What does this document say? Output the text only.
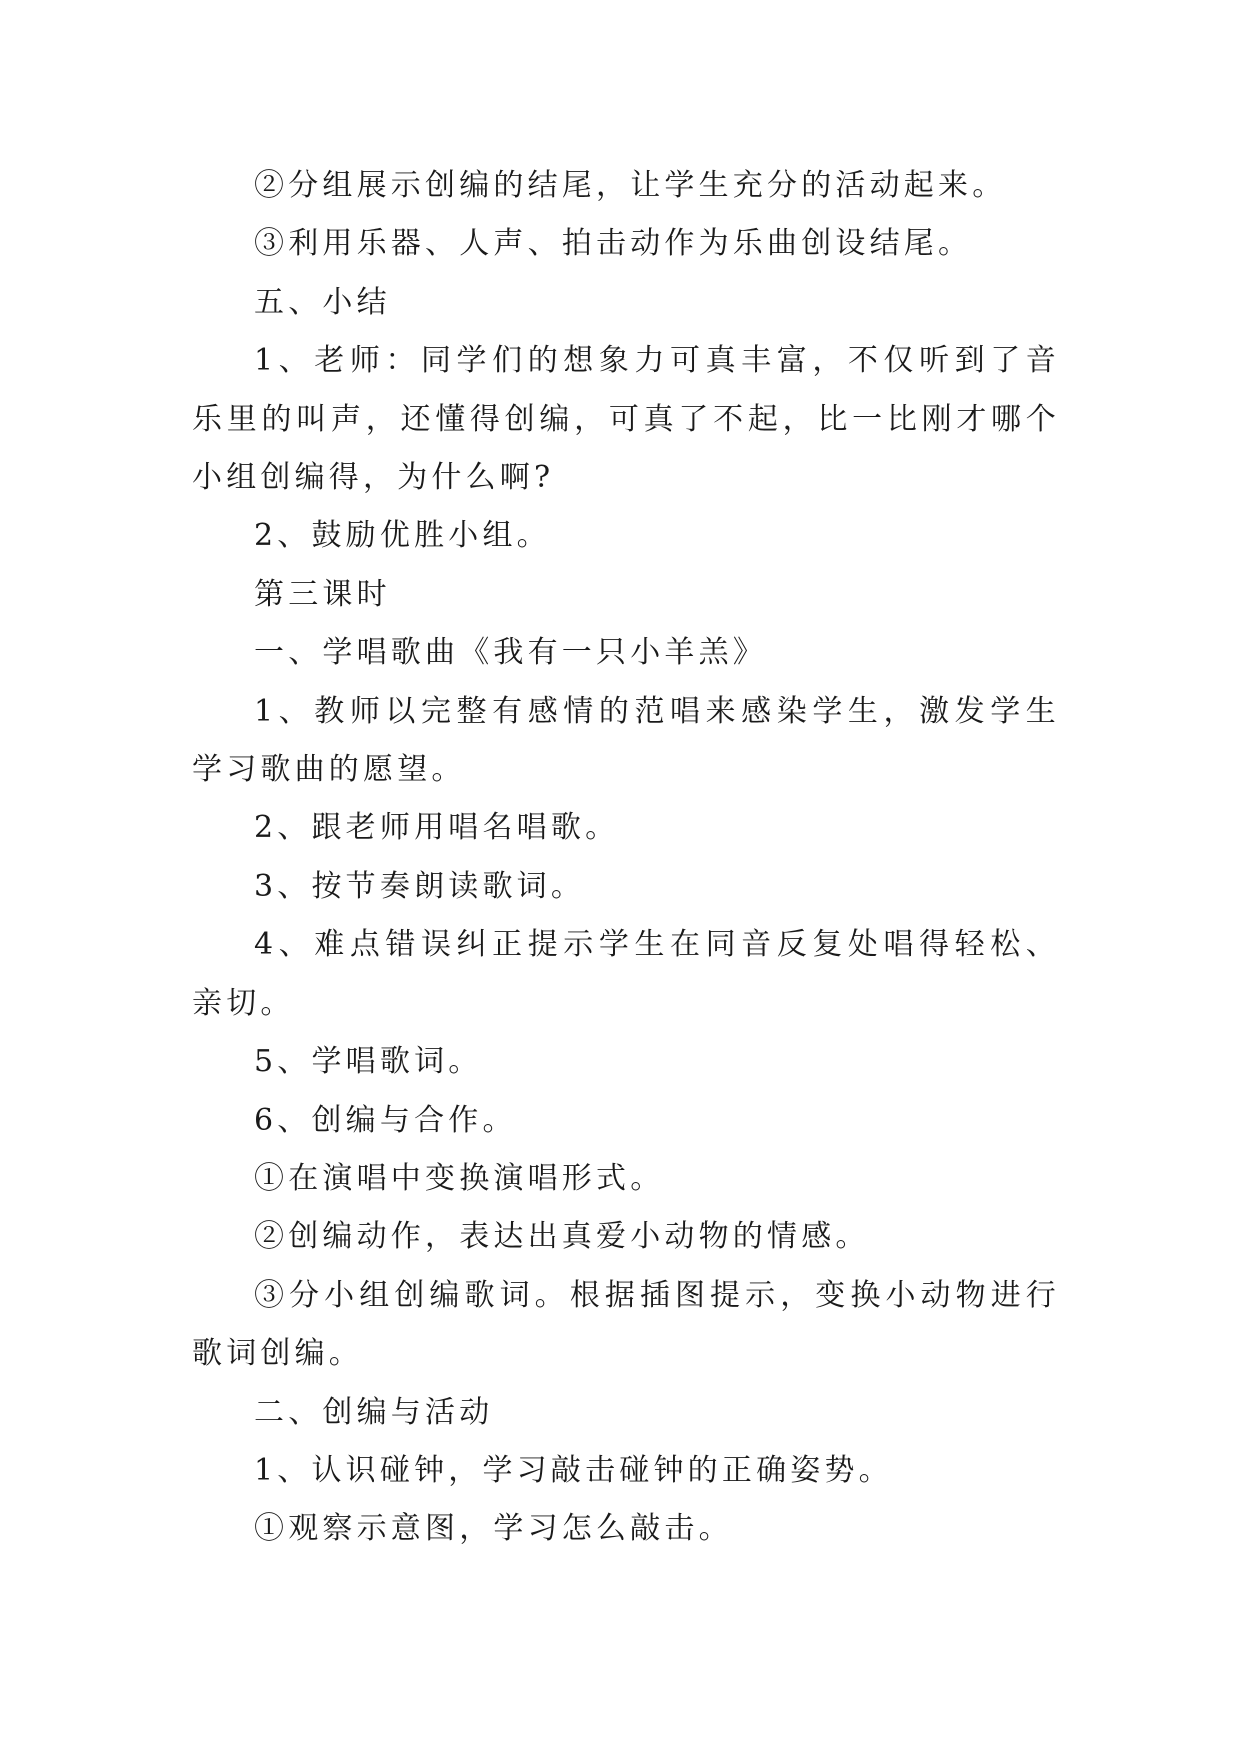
②分组展示创编的结尾，让学生充分的活动起来。

③利用乐器、人声、拍击动作为乐曲创设结尾。

五、小结

1、老师：同学们的想象力可真丰富，不仅听到了音乐里的叫声，还懂得创编，可真了不起，比一比刚才哪个小组创编得，为什么啊?

2、鼓励优胜小组。

第三课时

一、学唱歌曲《我有一只小羊羔》

1、教师以完整有感情的范唱来感染学生，激发学生学习歌曲的愿望。

2、跟老师用唱名唱歌。

3、按节奏朗读歌词。

4、难点错误纠正提示学生在同音反复处唱得轻松、亲切。

5、学唱歌词。

6、创编与合作。

①在演唱中变换演唱形式。

②创编动作，表达出真爱小动物的情感。

③分小组创编歌词。根据插图提示，变换小动物进行歌词创编。

二、创编与活动

1、认识碰钟，学习敲击碰钟的正确姿势。

①观察示意图，学习怎么敲击。
